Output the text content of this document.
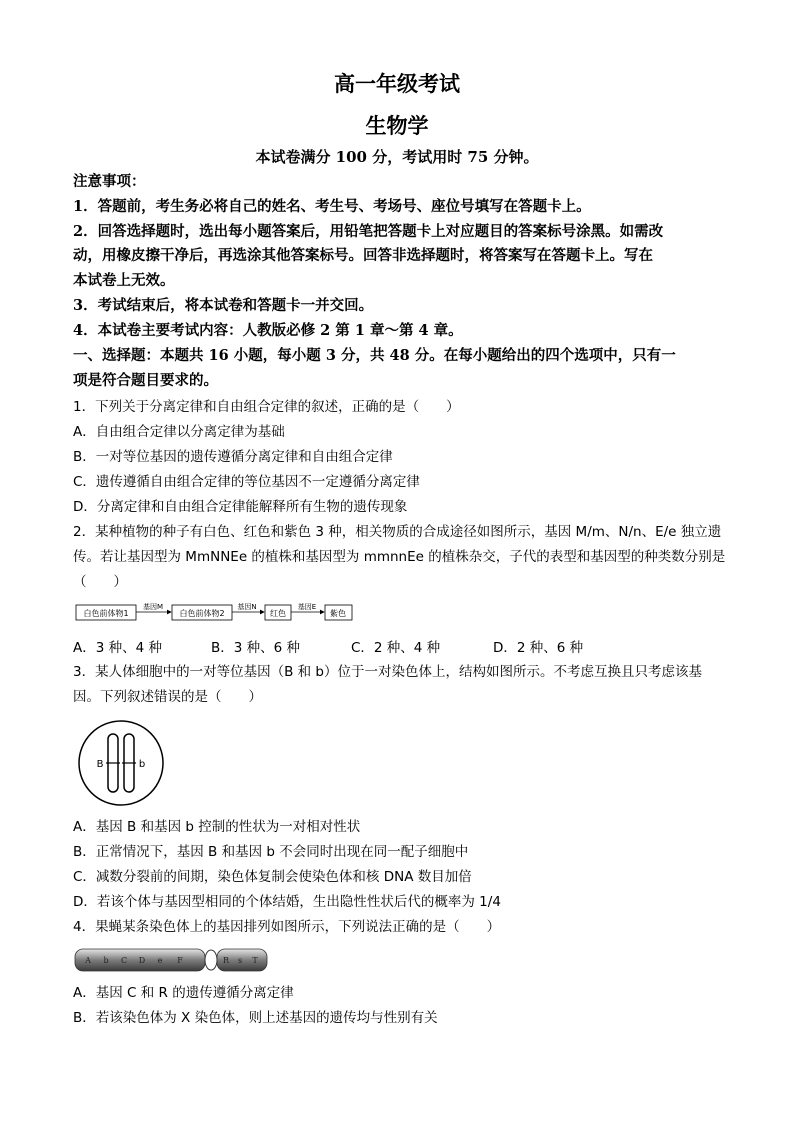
高一年级考试
生物学
本试卷满分 100 分，考试用时 75 分钟。
注意事项：
1．答题前，考生务必将自己的姓名、考生号、考场号、座位号填写在答题卡上。
2．回答选择题时，选出每小题答案后，用铅笔把答题卡上对应题目的答案标号涂黑。如需改
动，用橡皮擦干净后，再选涂其他答案标号。回答非选择题时，将答案写在答题卡上。写在
本试卷上无效。
3．考试结束后，将本试卷和答题卡一并交回。
4．本试卷主要考试内容：人教版必修 2 第 1 章～第 4 章。
一、选择题：本题共 16 小题，每小题 3 分，共 48 分。在每小题给出的四个选项中，只有一
项是符合题目要求的。
1．下列关于分离定律和自由组合定律的叙述，正确的是（　　）
A．自由组合定律以分离定律为基础
B．一对等位基因的遗传遵循分离定律和自由组合定律
C．遗传遵循自由组合定律的等位基因不一定遵循分离定律
D．分离定律和自由组合定律能解释所有生物的遗传现象
2．某种植物的种子有白色、红色和紫色 3 种，相关物质的合成途径如图所示，基因 M/m、N/n、E/e 独立遗
传。若让基因型为 MmNNEe 的植株和基因型为 mmnnEe 的植株杂交，子代的表型和基因型的种类数分别是
（　　）
白色前体物1
基因M
白色前体物2
基因N
红色
基因E
紫色
A．3 种、4 种	B．3 种、6 种	C．2 种、4 种	D．2 种、6 种
3．某人体细胞中的一对等位基因（B 和 b）位于一对染色体上，结构如图所示。不考虑互换且只考虑该基
因。下列叙述错误的是（　　）
B	b
A．基因 B 和基因 b 控制的性状为一对相对性状
B．正常情况下，基因 B 和基因 b 不会同时出现在同一配子细胞中
C．减数分裂前的间期，染色体复制会使染色体和核 DNA 数目加倍
D．若该个体与基因型相同的个体结婚，生出隐性性状后代的概率为 1/4
4．果蝇某条染色体上的基因排列如图所示，下列说法正确的是（　　）
A b C D e F	R s T
A．基因 C 和 R 的遗传遵循分离定律
B．若该染色体为 X 染色体，则上述基因的遗传均与性别有关
